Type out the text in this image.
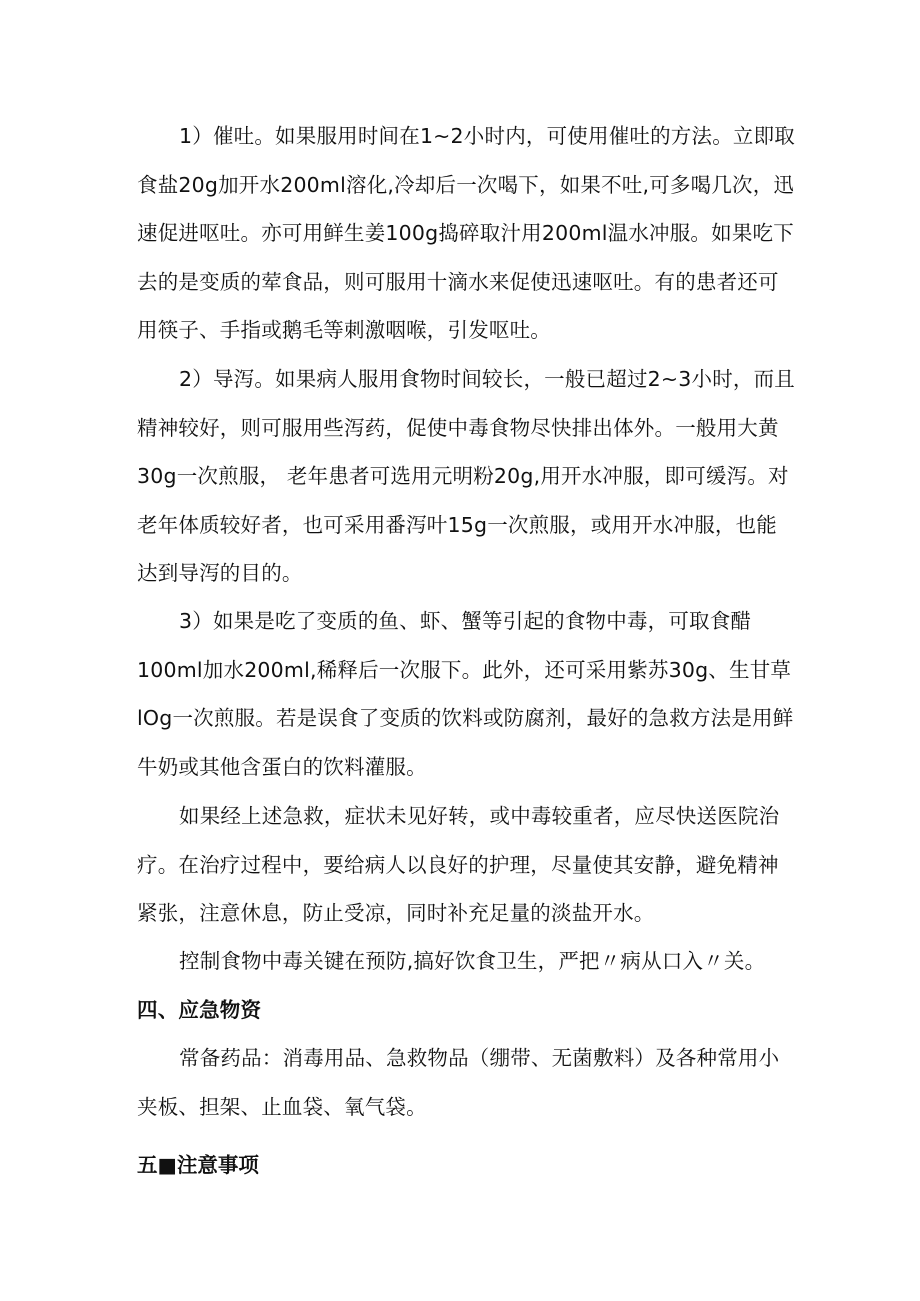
1）催吐。如果服用时间在1~2小时内，可使用催吐的方法。立即取食盐20g加开水200ml溶化,冷却后一次喝下，如果不吐,可多喝几次，迅速促进呕吐。亦可用鲜生姜100g捣碎取汁用200ml温水冲服。如果吃下去的是变质的荤食品，则可服用十滴水来促使迅速呕吐。有的患者还可用筷子、手指或鹅毛等刺激咽喉，引发呕吐。

2）导泻。如果病人服用食物时间较长，一般已超过2~3小时，而且精神较好，则可服用些泻药，促使中毒食物尽快排出体外。一般用大黄30g一次煎服， 老年患者可选用元明粉20g,用开水冲服，即可缓泻。对老年体质较好者，也可采用番泻叶15g一次煎服，或用开水冲服，也能达到导泻的目的。

3）如果是吃了变质的鱼、虾、蟹等引起的食物中毒，可取食醋100ml加水200ml,稀释后一次服下。此外，还可采用紫苏30g、生甘草lOg一次煎服。若是误食了变质的饮料或防腐剂，最好的急救方法是用鲜牛奶或其他含蛋白的饮料灌服。

如果经上述急救，症状未见好转，或中毒较重者，应尽快送医院治疗。在治疗过程中，要给病人以良好的护理，尽量使其安静，避免精神紧张，注意休息，防止受凉，同时补充足量的淡盐开水。

控制食物中毒关键在预防,搞好饮食卫生，严把〃病从口入〃关。四、应急物资

常备药品：消毒用品、急救物品（绷带、无菌敷料）及各种常用小夹板、担架、止血袋、氧气袋。

五■注意事项
